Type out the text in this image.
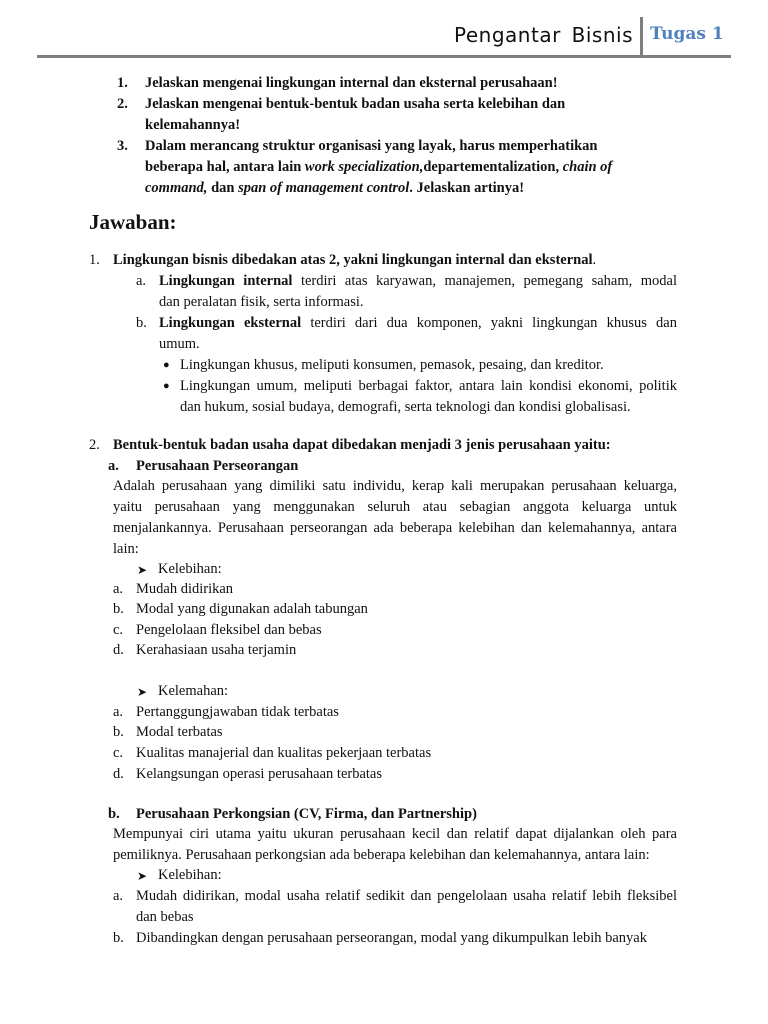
Pengantar Bisnis Tugas 1
1. Jelaskan mengenai lingkungan internal dan eksternal perusahaan!
2. Jelaskan mengenai bentuk-bentuk badan usaha serta kelebihan dan
kelemahannya!
3. Dalam merancang struktur organisasi yang layak, harus memperhatikan
beberapa hal, antara lain work specialization,departementalization, chain of
command, dan span of management control. Jelaskan artinya!
Jawaban:
1. Lingkungan bisnis dibedakan atas 2, yakni lingkungan internal dan eksternal.
a. Lingkungan internal terdiri atas karyawan, manajemen, pemegang saham, modal
dan peralatan fisik, serta informasi.
b. Lingkungan eksternal terdiri dari dua komponen, yakni lingkungan khusus dan
umum.
● Lingkungan khusus, meliputi konsumen, pemasok, pesaing, dan kreditor.
● Lingkungan umum, meliputi berbagai faktor, antara lain kondisi ekonomi, politik
dan hukum, sosial budaya, demografi, serta teknologi dan kondisi globalisasi.
2. Bentuk-bentuk badan usaha dapat dibedakan menjadi 3 jenis perusahaan yaitu:
a. Perusahaan Perseorangan
Adalah perusahaan yang dimiliki satu individu, kerap kali merupakan perusahaan keluarga,
yaitu perusahaan yang menggunakan seluruh atau sebagian anggota keluarga untuk
menjalankannya. Perusahaan perseorangan ada beberapa kelebihan dan kelemahannya, antara
lain:
➤ Kelebihan:
a. Mudah didirikan
b. Modal yang digunakan adalah tabungan
c. Pengelolaan fleksibel dan bebas
d. Kerahasiaan usaha terjamin
➤ Kelemahan:
a. Pertanggungjawaban tidak terbatas
b. Modal terbatas
c. Kualitas manajerial dan kualitas pekerjaan terbatas
d. Kelangsungan operasi perusahaan terbatas
b. Perusahaan Perkongsian (CV, Firma, dan Partnership)
Mempunyai ciri utama yaitu ukuran perusahaan kecil dan relatif dapat dijalankan oleh para
pemiliknya. Perusahaan perkongsian ada beberapa kelebihan dan kelemahannya, antara lain:
➤ Kelebihan:
a. Mudah didirikan, modal usaha relatif sedikit dan pengelolaan usaha relatif lebih fleksibel
dan bebas
b. Dibandingkan dengan perusahaan perseorangan, modal yang dikumpulkan lebih banyak
